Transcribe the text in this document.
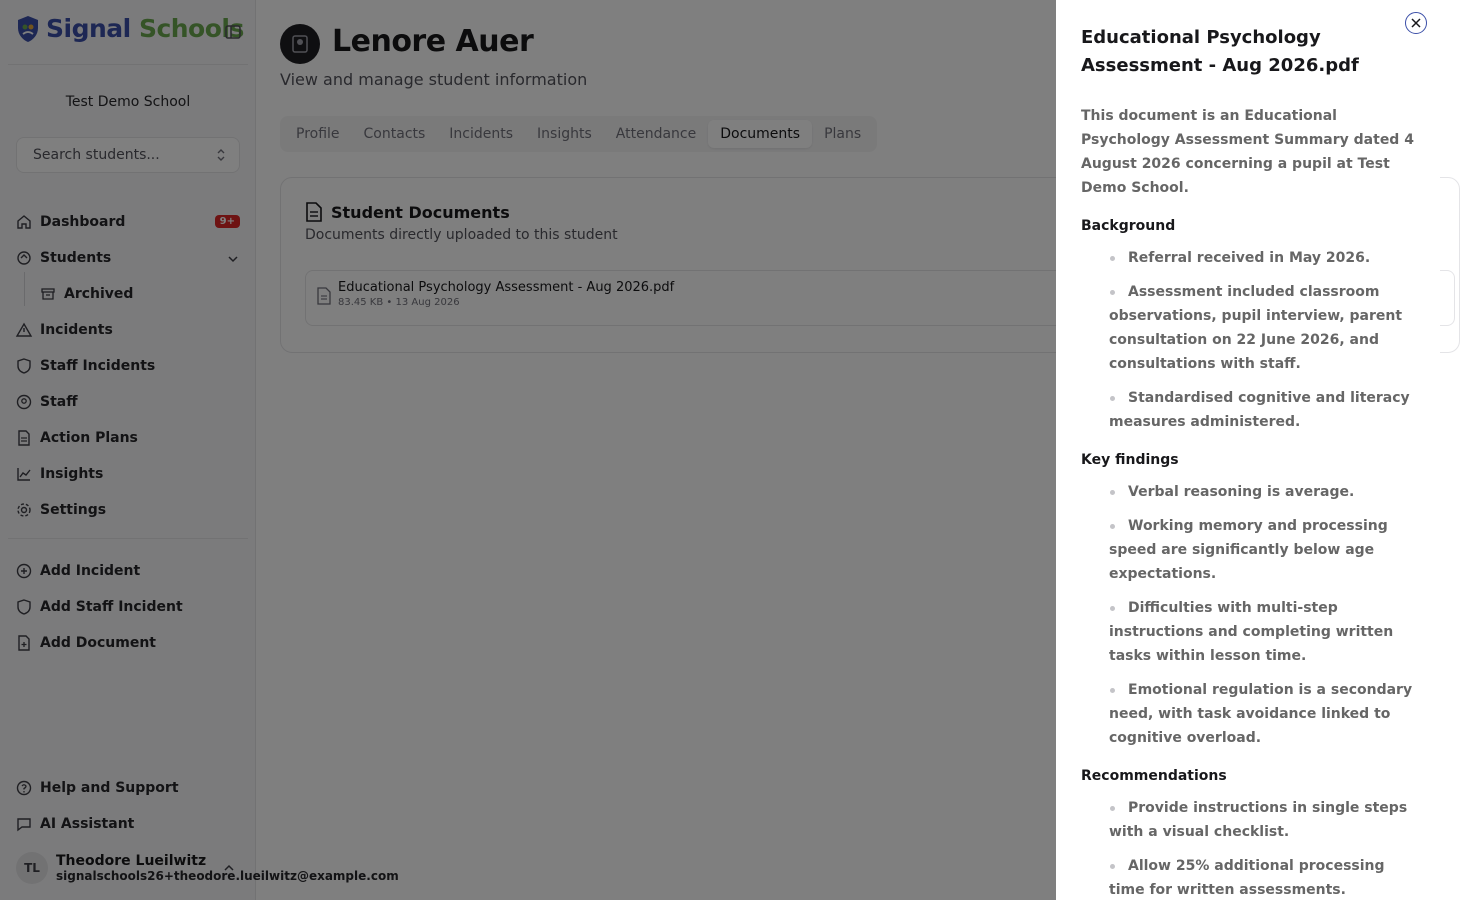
Educational Psychology Assessment - Aug 2026.pdf

This document is an Educational Psychology Assessment Summary dated 4 August 2026 concerning a pupil at Test Demo School.

Background
Referral received in May 2026.
Assessment included classroom observations, pupil interview, parent consultation on 22 June 2026, and consultations with staff.
Standardised cognitive and literacy measures administered.
Key findings
Verbal reasoning is average.
Working memory and processing speed are significantly below age expectations.
Difficulties with multi-step instructions and completing written tasks within lesson time.
Emotional regulation is a secondary need, with task avoidance linked to cognitive overload.
Recommendations
Provide instructions in single steps with a visual checklist.
Allow 25% additional processing time for written assessments.
